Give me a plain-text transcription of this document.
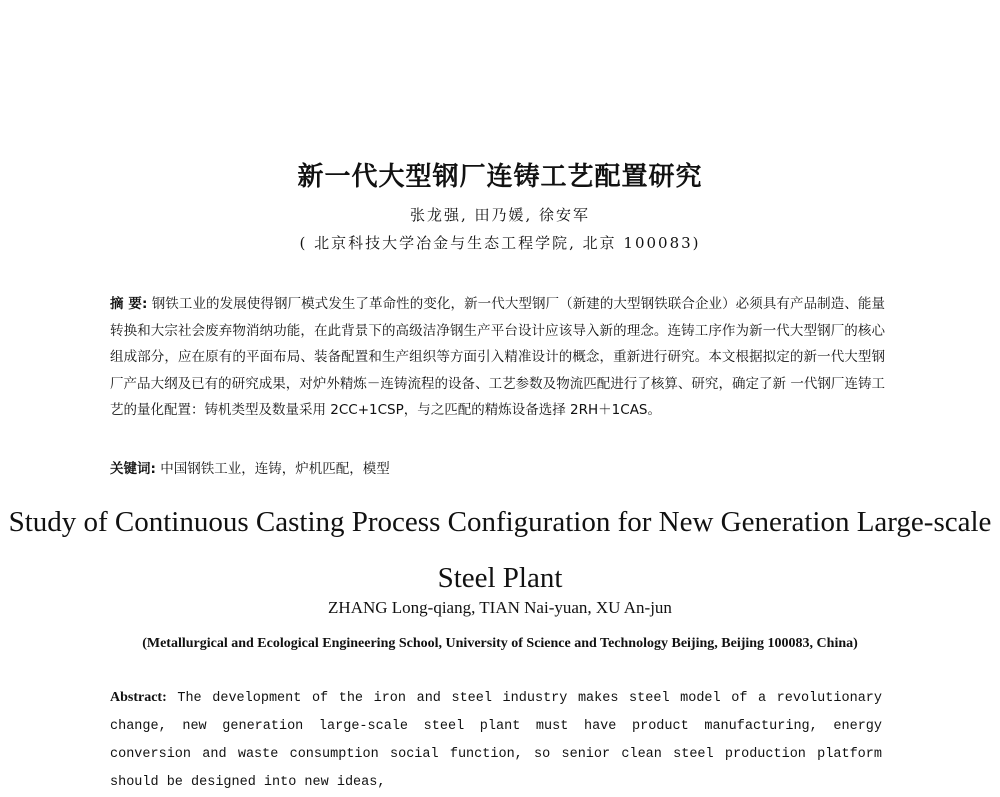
新一代大型钢厂连铸工艺配置研究
张龙强, 田乃媛, 徐安军
( 北京科技大学冶金与生态工程学院, 北京 100083)
摘 要: 钢铁工业的发展使得钢厂模式发生了革命性的变化，新一代大型钢厂（新建的大型钢铁联合企业）必须具有产品制造、能量转换和大宗社会废弃物消纳功能，在此背景下的高级洁净钢生产平台设计应该导入新的理念。连铸工序作为新一代大型钢厂的核心组成部分，应在原有的平面布局、装备配置和生产组织等方面引入精准设计的概念，重新进行研究。本文根据拟定的新一代大型钢厂产品大纲及已有的研究成果，对炉外精炼－连铸流程的设备、工艺参数及物流匹配进行了核算、研究，确定了新 一代钢厂连铸工艺的量化配置：铸机类型及数量采用 2CC+1CSP，与之匹配的精炼设备选择 2RH＋1CAS。
关键词: 中国钢铁工业，连铸，炉机匹配，模型
Study of Continuous Casting Process Configuration for New Generation Large-scale Steel Plant
ZHANG Long-qiang, TIAN Nai-yuan, XU An-jun
(Metallurgical and Ecological Engineering School, University of Science and Technology Beijing, Beijing 100083, China)
Abstract: The development of the iron and steel industry makes steel model of a revolutionary change, new generation large-scale steel plant must have product manufacturing, energy conversion and waste consumption social function, so senior clean steel production platform should be designed into new ideas,
